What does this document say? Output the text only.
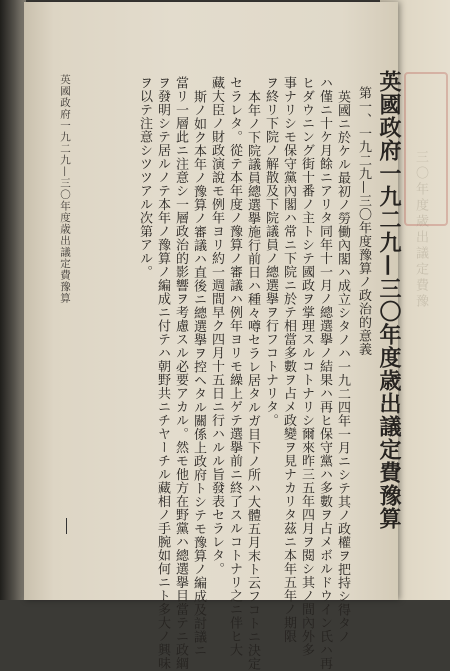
三〇年度歳出議定費豫
英國政府一九二九—三〇年度歳出議定費豫算
第一、一九二九—三〇年度豫算ノ政治的意義
英國ニ於ケル最初ノ勞働內閣ハ成立シタノハ一九二四年一月ニシテ其ノ政權ヲ把持シ得タノ
ハ僅ニ十ケ月餘ニアリタ同年十一月ノ總選擧ノ結果ハ再ヒ保守黨ハ多數ヲ占メボルドウイン氏ハ再
ヒダウニング街十番ノ主トシテ國政ヲ掌理スルコトナリシ爾來昨三五年四月ヲ閱シ其ノ間內外多
事ナリシモ保守黨內閣ハ常ニ下院ニ於テ相當多數ヲ占メ政變ヲ見ナカリタ茲ニ本年五年ノ期限
ヲ終リ下院ノ解散及下院議員ノ總選擧ヲ行フコトナリタ。
本年ノ下院議員總選擧施行前日ハ種々噂セラレ居タルガ目下ノ所ハ大體五月末ト云フコトニ決定
セラレタ。從テ本年度ノ豫算ノ審議ハ例年ヨリモ繰上ゲテ選擧前ニ終了スルコトナリ之ニ伴ヒ大
藏大臣ノ財政演說モ例年ヨリ約一週間早ク四月十五日ニ行ハルル旨發表セラレタ。
斯ノ如ク本年ノ豫算ノ審議ハ直後ニ總選擧ヲ控ヘタル關係上政府トシテモ豫算ノ編成及討議ニ
當リ一層此ニ注意シ一層政治的影響ヲ考慮スル必要アカル。然モ他方在野黨ハ總選擧目當テニ政綱
ヲ發明シテ居ルノテ本年ノ豫算ノ編成ニ付テハ朝野共ニチヤーチル藏相ノ手腕如何ニト多大ノ興味
ヲ以テ注意シツツアル次第アル。
英國政府一九二九—三〇年度歳出議定費豫算
